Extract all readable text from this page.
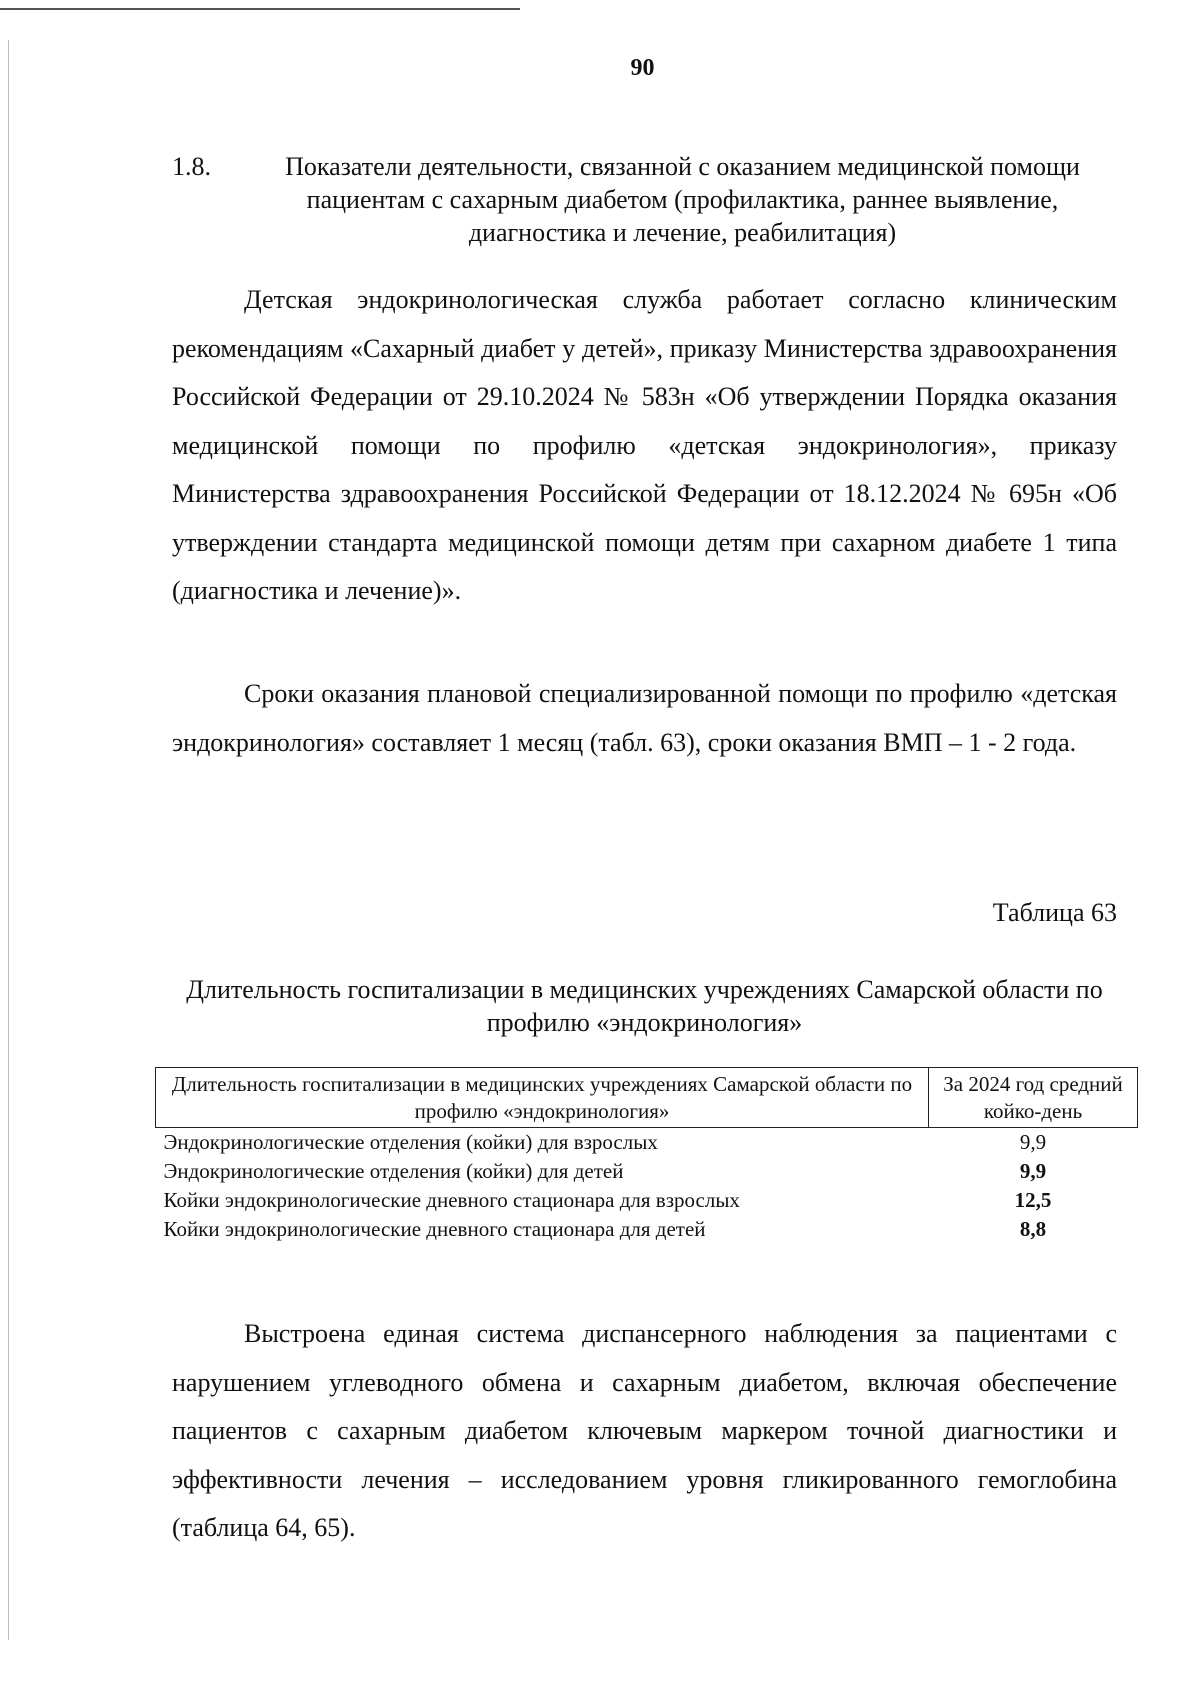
90
1.8.	Показатели деятельности, связанной с оказанием медицинской помощи пациентам с сахарным диабетом (профилактика, раннее выявление, диагностика и лечение, реабилитация)
Детская эндокринологическая служба работает согласно клиническим рекомендациям «Сахарный диабет у детей», приказу Министерства здравоохранения Российской Федерации от 29.10.2024 № 583н «Об утверждении Порядка оказания медицинской помощи по профилю «детская эндокринология», приказу Министерства здравоохранения Российской Федерации от 18.12.2024 № 695н «Об утверждении стандарта медицинской помощи детям при сахарном диабете 1 типа (диагностика и лечение)».
Сроки оказания плановой специализированной помощи по профилю «детская эндокринология» составляет 1 месяц (табл. 63), сроки оказания ВМП – 1 - 2 года.
Таблица 63
Длительность госпитализации в медицинских учреждениях Самарской области по профилю «эндокринология»
Длительность госпитализации в медицинских учреждениях Самарской области по профилю «эндокринология»	За 2024 год средний койко-день
Эндокринологические отделения (койки) для взрослых	9,9
Эндокринологические отделения (койки) для детей	9,9
Койки эндокринологические дневного стационара для взрослых	12,5
Койки эндокринологические дневного стационара для детей	8,8
Выстроена единая система диспансерного наблюдения за пациентами с нарушением углеводного обмена и сахарным диабетом, включая обеспечение пациентов с сахарным диабетом ключевым маркером точной диагностики и эффективности лечения – исследованием уровня гликированного гемоглобина (таблица 64, 65).
